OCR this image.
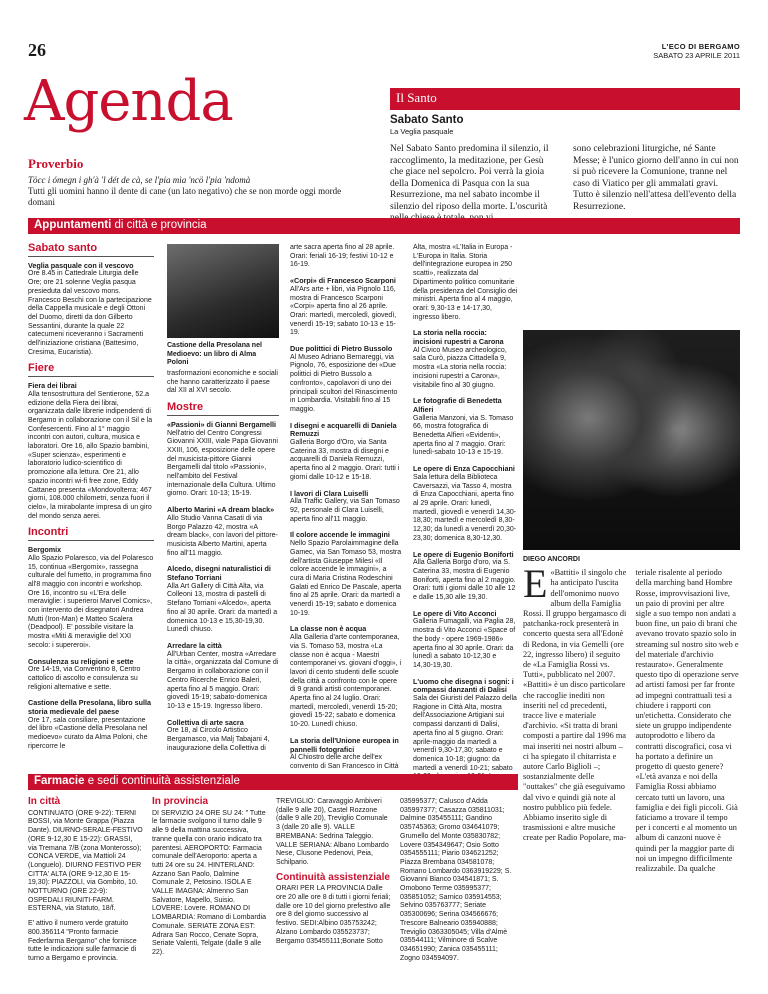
26	L'ECO DI BERGAMO
SABATO 23 APRILE 2011
Agenda
Proverbio
Töcc i ómegn i gh'à 'l dét de cà, se l'pia mìa 'ncö l'pia 'ndomà
Tutti gli uomini hanno il dente di cane (un lato negativo) che se non morde oggi morde domani
Il Santo
Sabato Santo
La Veglia pasquale
Nel Sabato Santo predomina il silenzio, il raccoglimento, la meditazione, per Gesù che giace nel sepolcro. Poi verrà la gioia della Domenica di Pasqua con la sua Resurrezione, ma nel sabato incombe il silenzio del riposo della morte. L'oscurità
sono celebrazioni liturgiche, né Sante Messe; è l'unico giorno dell'anno in cui non si può ricevere la Comunione, tranne nel caso di Viatico per gli ammalati gravi. Tutto è silenzio nell'attesa dell'evento della Resurrezione.
Appuntamenti di città e provincia
Sabato santo
Veglia pasquale con il vescovo

Ore 8.45 in Cattedrale Liturgia delle Ore; ore 21 solenne Veglia pasqua presieduta dal vescovo mons. Francesco Beschi con la partecipazione della Cappella musicale e degli Ottoni del Duomo, diretti da don Gilberto Sessantini, durante la quale 22 catecumeni riceveranno i Sacramenti dell'iniziazione cristiana (Battesimo, Cresima, Eucaristia).

Fiere
Fiera dei librai

Alla tensostruttura del Sentierone, 52.a edizione della Fiera dei librai, organizzata dalle librerie indipendenti di Bergamo in collaborazione con il Sil e la Confesercenti. Fino al 1° maggio incontri con autori, cultura, musica e laboratori. Ore 16, allo Spazio bambini, «Super scienza», esperimenti e laboratorio ludico-scientifico di promozione alla lettura. Ore 21, allo spazio incontri wi-fi free zone, Eddy Cattaneo presenta «Mondovolterra: 467 giorni, 108.000 chilometri, senza fuori il cielo», la mirabolante impresa di un giro del mondo senza aerei.

Incontri
Bergomix

Allo Spazio Polaresco, via del Polaresco 15, continua «Bergomix», rassegna culturale del fumetto, in programma fino all'8 maggio con incontri e workshop. Ore 16, incontro su «L'Era delle meraviglie: i superieroi Marvel Comics», con intervento dei disegnatori Andrea Mutti (Iron-Man) e Matteo Scalera (Deadpool). E' possibile visitare la mostra «Miti & meraviglie del XXI secolo: i supereroi».

Consulenza su religioni e sette

Ore 14-19, via Conventino 8, Centro cattolico di ascolto e consulenza su religioni alternative e sette.

Castione della Presolana, libro sulla storia medievale del paese

Ore 17, sala consiliare, presentazione del libro «Castione della Presolana nel medioevo» curato da Alma Poloni, che ripercorre le

Castione della Presolana nel Medioevo: un libro di Alma Poloni

trasformazioni economiche e sociali che hanno caratterizzato il paese dal XII al XVI secolo.

Mostre
«Passioni» di Gianni Bergamelli

Nell'atrio del Centro Congressi Giovanni XXIII, viale Papa Giovanni XXIII, 106, esposizione delle opere del musicista-pittore Gianni Bergamelli dal titolo «Passioni», nell'ambito del Festival internazionale della Cultura. Ultimo giorno. Orari: 10-13; 15-19.

Alberto Marini «A dream black»

Allo Studio Vanna Casati di via Borgo Palazzo 42, mostra «A dream black», con lavori del pittore-musicista Alberto Martini, aperta fino all'11 maggio.

Alcedo, disegni naturalistici di Stefano Torriani

Alla Art Gallery di Città Alta, via Colleoni 13, mostra di pastelli di Stefano Torriani «Alcedo», aperta fino al 30 aprile. Orari: da martedì a domenica 10-13 e 15,30-19,30. Lunedì chiuso.

Arredare la città

All'Urban Center, mostra «Arredare la città», organizzata dal Comune di Bergamo in collaborazione con il Centro Ricerche Enrico Baleri, aperta fino al 5 maggio. Orari: giovedì 15-19; sabato-domenica 10-13 e 15-19. Ingresso libero.

Collettiva di arte sacra

Ore 18, al Circolo Artistico Bergamasco, via Malj Tabajani 4, inaugurazione della Collettiva di

arte sacra aperta fino al 28 aprile. Orari: feriali 16-19; festivi 10-12 e 16-19.

«Corpi» di Francesco Scarponi

All'Ars arte + libri, via Pignolo 116, mostra di Francesco Scarponi «Corpi» aperta fino al 26 aprile. Orari: martedì, mercoledì, giovedì, venerdì 15-19; sabato 10-13 e 15-19.

Due polittici di Pietro Bussolo

Al Museo Adriano Bernareggi, via Pignolo, 76, esposizione dei «Due polittici di Pietro Bussolo a confronto», capolavori di uno dei principali scultori del Rinascimento in Lombardia. Visitabili fino al 15 maggio.

I disegni e acquarelli di Daniela Remuzzi

Galleria Borgo d'Oro, via Santa Caterina 33, mostra di disegni e acquarelli di Daniela Remuzzi, aperta fino al 2 maggio. Orari: tutti i giorni dalle 10-12 e 15-18.

I lavori di Clara Luiselli

Alla Traffic Gallery, via San Tomaso 92, personale di Clara Luiselli, aperta fino all'11 maggio.

Il colore accende le immagini

Nello Spazio Parolaimmagine della Gamec, via San Tomaso 53, mostra dell'artista Giuseppe Milesi «Il colore accende le immagini», a cura di Maria Cristina Rodeschini Galati ed Enrico De Pascale, aperta fino al 25 aprile. Orari: da martedì a venerdì 15-19; sabato e domenica 10-19.

La classe non è acqua

Alla Galleria d'arte contemporanea, via S. Tomaso 53, mostra «La classe non è acqua - Maestri contemporanei vs. giovani d'oggi», i lavori di cento studenti delle scuole della città a confronto con le opere di 9 grandi artisti contemporanei. Aperta fino al 24 luglio. Orari: martedì, mercoledì, venerdì 15-20; giovedì 15-22; sabato e domenica 10-20. Lunedì chiuso.

La storia dell'Unione europea in pannelli fotografici

Al Chiostro delle arche dell'ex convento di San Francesco in Città

Alta, mostra «L'Italia in Europa - L'Europa in Italia. Storia dell'integrazione europea in 250 scatti», realizzata dal Dipartimento politico comunitarie della presidenza del Consiglio dei ministri. Aperta fino al 4 maggio, orari: 9,30-13 e 14-17,30, ingresso libero.

La storia nella roccia: incisioni rupestri a Carona

Al Civico Museo archeologico, sala Curò, piazza Cittadella 9, mostra «La storia nella roccia: incisioni rupestri a Carona», visitabile fino al 30 giugno.

Le fotografie di Benedetta Alfieri

Galleria Manzoni, via S. Tomaso 66, mostra fotografica di Benedetta Alfieri «Evidenti», aperta fino al 7 maggio. Orari: lunedì-sabato 10-13 e 15-19.

Le opere di Enza Capocchiani

Sala lettura della Biblioteca Caversazzi, via Tasso 4, mostra di Enza Capocchiani, aperta fino al 29 aprile. Orari: lunedì, martedì, giovedì e venerdì 14,30-18,30; martedì e mercoledì 8,30-12,30; da lunedì a venerdì 20,30-23,30; domenica 8,30-12,30.

Le opere di Eugenio Boniforti

Alla Galleria Borgo d'oro, via S. Caterina 33, mostra di Eugenio Boniforti, aperta fino al 2 maggio. Orari: tutti i giorni dalle 10 alle 12 e dalle 15,30 alle 19,30.

Le opere di Vito Acconci

Galleria Fumagalli, via Paglia 28, mostra di Vito Acconci «Space of the body - opere 1969-1986» aperta fino al 30 aprile. Orari: da lunedì a sabato 10-12,30 e 14,30-19,30.

L'uomo che disegna i sogni: i compassi danzanti di Dalisi

Sala dei Giuristi del Palazzo della Ragione in Città Alta, mostra dell'Associazione Artigiani sui compassi danzanti di Dalisi, aperta fino al 5 giugno. Orari: aprile-maggio da martedì a venerdì 9,30-17,30; sabato e domenica 10-18; giugno: da martedì a venerdì 10-21; sabato

DIEGO ANCORDI
E «Battiti» il singolo che ha anticipato l'uscita dell'omonimo nuovo album della Famiglia Rossi. Il gruppo bergamasco di patchanka-rock presenterà in concerto questa sera all'Edonè di Redona, in via Gemelli (ore 22, ingresso libero) il seguito de «La Famiglia Rossi vs. Tutti», pubblicato nel 2007. «Battiti» è un disco particolare che raccoglie inediti non inseriti nel cd precedenti, tracce live e materiale d'archivio. «Si tratta di brani composti a partire dal 1996 ma mai inseriti nei nostri album – ci ha spiegato il chitarrista e autore Carlo Biglioli –; sostanzialmente delle "outtakes" che già eseguivamo dal vivo e quindi già note al nostro pubblico più fedele. Abbiamo inserito sigle di trasmissioni e altre musiche create per Radio Popolare, ma-
teriale risalente al periodo della marching band Hombre Rosse, improvvisazioni live, un paio di provini per altre sigle a suo tempo non andati a buon fine, un paio di brani che avevano trovato spazio solo in streaming sul nostro sito web e del materiale d'archivio restaurato». Generalmente questo tipo di operazione serve ad artisti famosi per far fronte ad impegni contrattuali tesi a chiudere i rapporti con un'etichetta. Considerato che siete un gruppo indipendente autoprodotto e libero da contratti discografici, cosa vi ha portato a definire un progetto di questo genere? «L'età avanza e noi della Famiglia Rossi abbiamo cercato tutti un lavoro, una famiglia e dei figli piccoli. Già faticiamo a trovare il tempo per i concerti e al momento un album di canzoni nuove è quindi per la maggior parte di noi un impegno difficilmente realizzabile. Da qualche
Farmacie e sedi continuità assistenziale
In città

CONTINUATO (ORE 9-22): TERNI BOSSI, via Monte Grappa (Piazza Dante). DIURNO-SERALE-FESTIVO (ORE 9-12,30 E 15-22): GRASSI, via Tremana 7/B (zona Monterosso); CONCA VERDE, via Mattioli 24 (Longuelo). DIURNO FESTIVO PER CITTA' ALTA (ORE 9-12,30 E 15-19,30): PIAZZOLI, via Gombito, 10. NOTTURNO (ORE 22-9): OSPEDALI RIUNITI-FARM. ESTERNA, via Statuto, 18/f.

E' attivo il numero verde gratuito 800.356114 "Pronto farmacie Federfarma Bergamo" che fornisce tutte le indicazioni sulle farmacie di turno a Bergamo e provincia.

In provincia

DI SERVIZIO 24 ORE SU 24: " Tutte le farmacie svolgono il turno dalle 9 alle 9 della mattina successiva, tranne quella con orario indicato tra parentesi. AEROPORTO: Farmacia comunale dell'Aeroporto: aperta a tutti 24 ore su 24. HINTERLAND: Azzano San Paolo, Dalmine Comunale 2, Petosino. ISOLA E VALLE IMAGNA: Almenno San Salvatore, Mapello, Suisio. LOVERE: Lovere. ROMANO DI LOMBARDIA: Romano di Lombardia Comunale. SERIATE ZONA EST: Adrara San Rocco, Cenate Sopra, Seriate Valenti, Telgate (dalle 9 alle 22).

TREVIGLIO: Caravaggio Ambiveri (dalle 9 alle 20), Castel Rozzone (dalle 9 alle 20), Treviglio Comunale 3 (dalle 20 alle 9). VALLE BREMBANA: Sedrina Taleggio. VALLE SERIANA: Albano Lombardo Nese, Clusone Pedenovi, Peia, Schilpario.

Continuità assistenziale

ORARI PER LA PROVINCIA Dalle ore 20 alle ore 8 di tutti i giorni feriali; dalle ore 10 del giorno prefestivo alle ore 8 del giorno successivo al festivo. SEDI:Albino 035753242; Alzano Lombardo 035523737; Bergamo 035455111;Bonate Sotto

035995377; Calusco d'Adda 035997377; Casazza 035811031; Dalmine 035455111; Gandino 035745363; Gromo 034641079; Grumello del Monte 035830782; Lovere 0354349647; Osio Sotto 0354555111; Piario 034621252; Piazza Brembana 034581078; Romano Lombardo 0363919229; S. Giovanni Bianco 034541871; S. Omobono Terme 035995377; 035851052; Sarnico 035914553; Selvino 035763777; Seriate 035300696; Serina 034566676; Trescore Balneario 035940888; Treviglio 0363305045; Villa d'Almè 035544111; Vilminore di Scalve 034651990; Zanica 035455111; Zogno 034594097.
